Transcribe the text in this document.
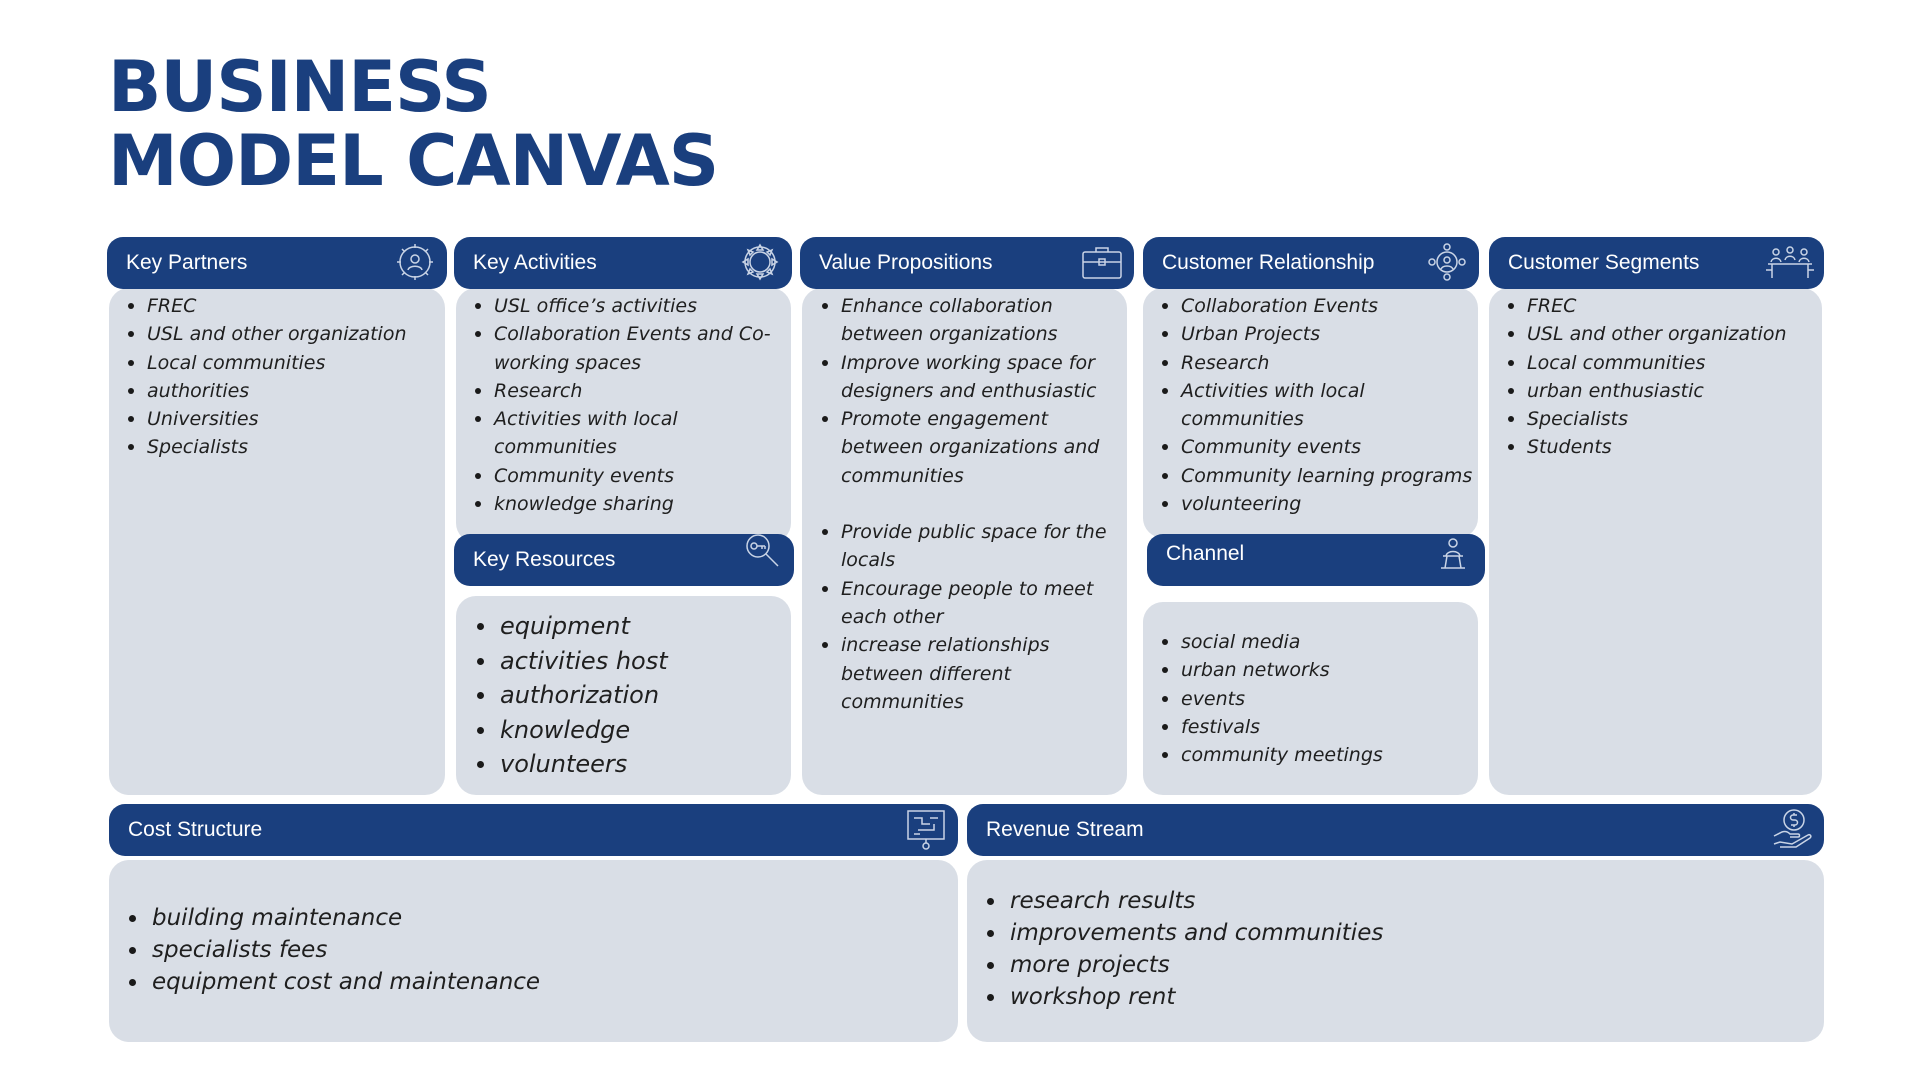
BUSINESS
MODEL CANVAS
Key Partners
FREC
USL and other organization
Local communities
authorities
Universities
Specialists
Key Activities
USL office’s activities
Collaboration Events and Co-working spaces
Research
Activities with local communities
Community events
knowledge sharing
Key Resources
equipment
activities host
authorization
knowledge
volunteers
Value Propositions
Enhance collaboration between organizations
Improve working space for designers and enthusiastic
Promote engagement between organizations and communities
Provide public space for the locals
Encourage people to meet each other
increase relationships between different communities
Customer Relationship
Collaboration Events
Urban Projects
Research
Activities with local communities
Community events
Community learning programs
volunteering
Channel
social media
urban networks
events
festivals
community meetings
Customer Segments
FREC
USL and other organization
Local communities
urban enthusiastic
Specialists
Students
Cost Structure
building maintenance
specialists fees
equipment cost and maintenance
Revenue Stream
research results
improvements and communities
more projects
workshop rent
